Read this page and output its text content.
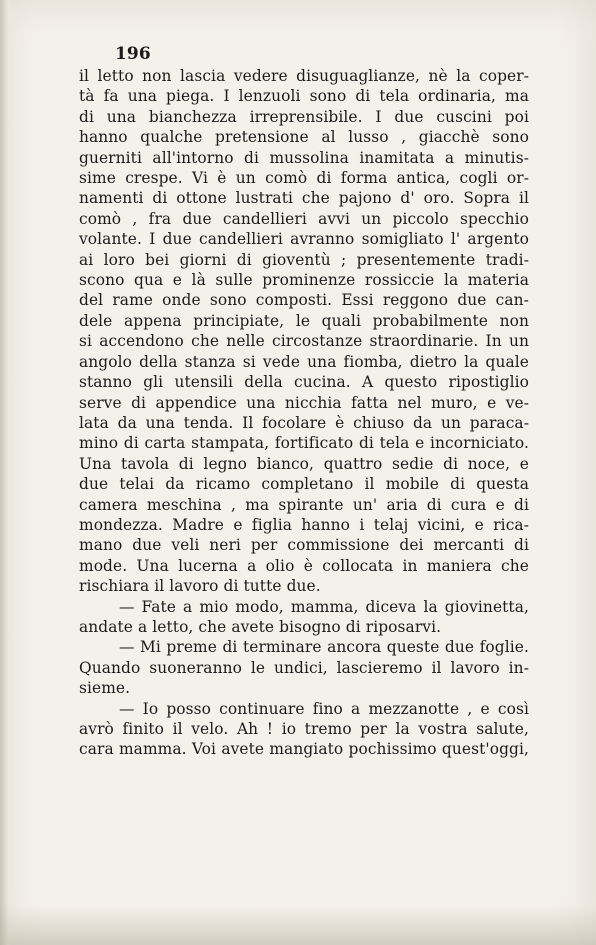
196
il letto non lascia vedere disuguaglianze, nè la coper-
tà fa una piega. I lenzuoli sono di tela ordinaria, ma
di una bianchezza irreprensibile. I due cuscini poi
hanno qualche pretensione al lusso , giacchè sono
guerniti all'intorno di mussolina inamitata a minutis-
sime crespe. Vi è un comò di forma antica, cogli or-
namenti di ottone lustrati che pajono d' oro. Sopra il
comò , fra due candellieri avvi un piccolo specchio
volante. I due candellieri avranno somigliato l' argento
ai loro bei giorni di gioventù ; presentemente tradi-
scono qua e là sulle prominenze rossiccie la materia
del rame onde sono composti. Essi reggono due can-
dele appena principiate, le quali probabilmente non
si accendono che nelle circostanze straordinarie. In un
angolo della stanza si vede una fiomba, dietro la quale
stanno gli utensili della cucina. A questo ripostiglio
serve di appendice una nicchia fatta nel muro, e ve-
lata da una tenda. Il focolare è chiuso da un paraca-
mino di carta stampata, fortificato di tela e incorniciato.
Una tavola di legno bianco, quattro sedie di noce, e
due telai da ricamo completano il mobile di questa
camera meschina , ma spirante un' aria di cura e di
mondezza. Madre e figlia hanno i telaj vicini, e rica-
mano due veli neri per commissione dei mercanti di
mode. Una lucerna a olio è collocata in maniera che
rischiara il lavoro di tutte due.
— Fate a mio modo, mamma, diceva la giovinetta,
andate a letto, che avete bisogno di riposarvi.
— Mi preme di terminare ancora queste due foglie.
Quando suoneranno le undici, lascieremo il lavoro in-
sieme.
— Io posso continuare fino a mezzanotte , e così
avrò finito il velo. Ah ! io tremo per la vostra salute,
cara mamma. Voi avete mangiato pochissimo quest'oggi,
